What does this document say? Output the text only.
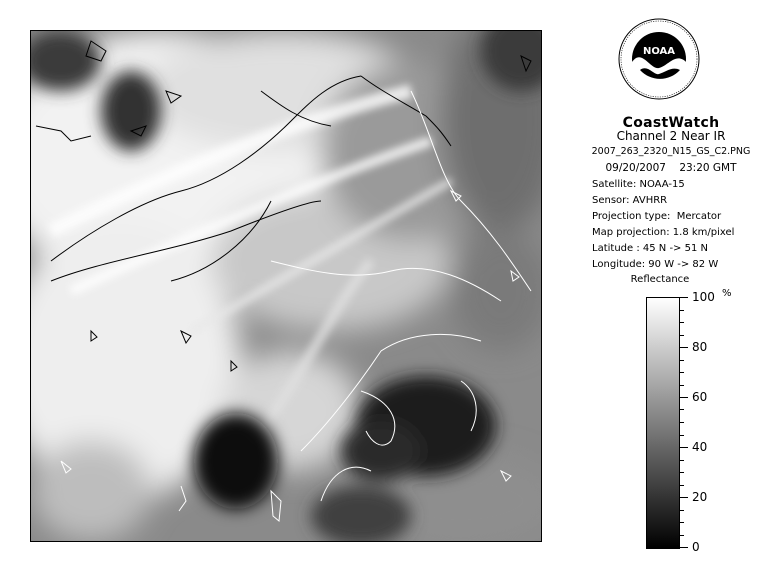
NOAA
CoastWatch
Channel 2 Near IR
2007_263_2320_N15_GS_C2.PNG
09/20/2007    23:20 GMT
Satellite: NOAA-15
Sensor: AVHRR
Projection type:  Mercator
Map projection: 1.8 km/pixel
Latitude : 45 N -> 51 N
Longitude: 90 W -> 82 W
Reflectance
%
100
80
60
40
20
0
